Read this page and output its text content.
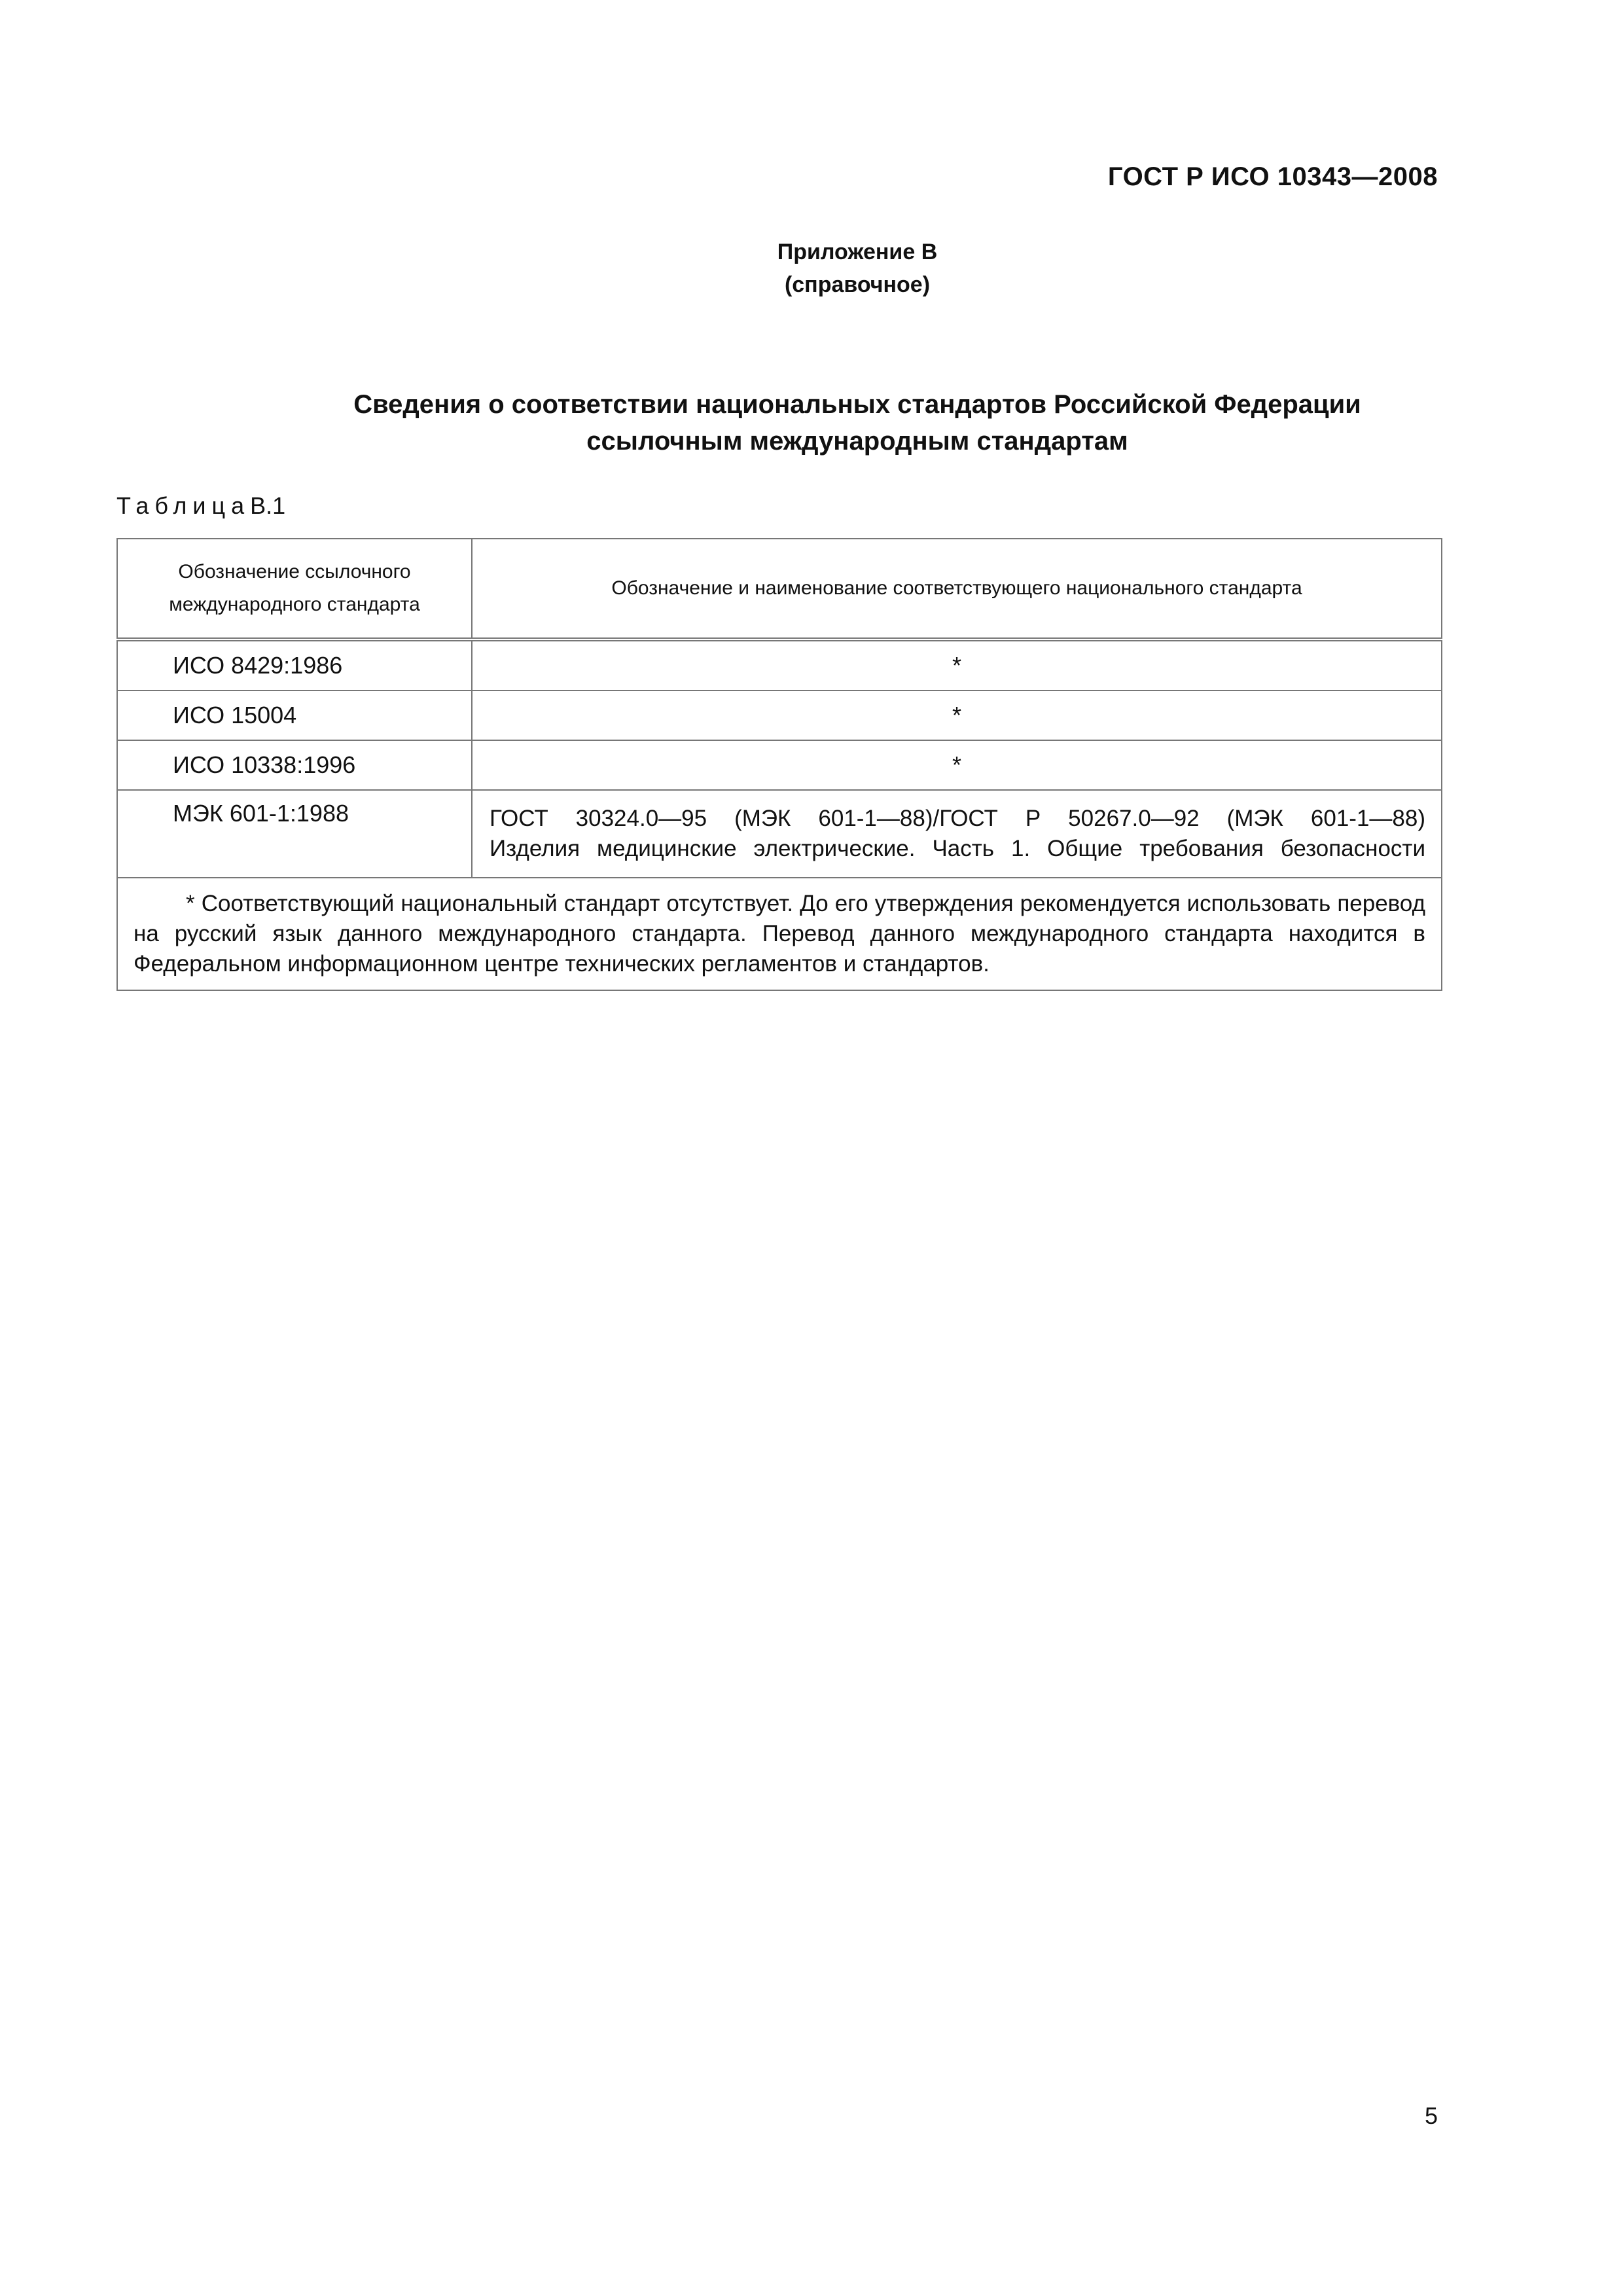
ГОСТ Р ИСО 10343—2008
Приложение В
(справочное)
Сведения о соответствии национальных стандартов Российской Федерации
ссылочным международным стандартам
ТаблицаВ.1
Обозначение ссылочного международного стандарта	Обозначение и наименование соответствующего национального стандарта
ИСО 8429:1986	*
ИСО 15004	*
ИСО 10338:1996	*
МЭК 601-1:1988	ГОСТ 30324.0—95 (МЭК 601-1—88)/ГОСТ Р 50267.0—92 (МЭК 601-1—88)
Изделия медицинские электрические. Часть 1. Общие требования безопасности

* Соответствующий национальный стандарт отсутствует. До его утверждения рекомендуется использовать перевод на русский язык данного международного стандарта. Перевод данного международного стандарта находится в Федеральном информационном центре технических регламентов и стандартов.	
5
